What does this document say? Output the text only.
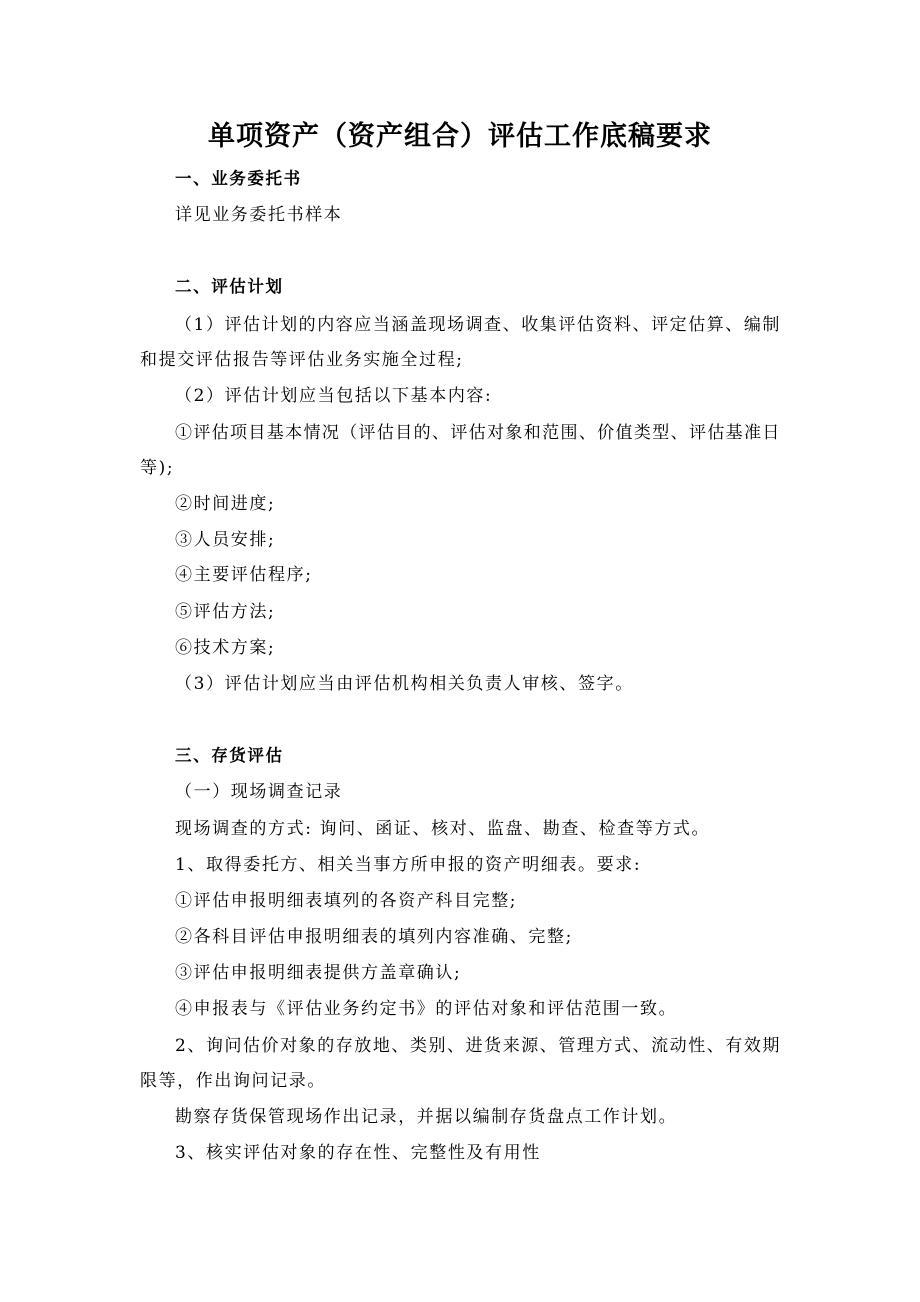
单项资产（资产组合）评估工作底稿要求
一、业务委托书
详见业务委托书样本
二、评估计划
（1）评估计划的内容应当涵盖现场调查、收集评估资料、评定估算、编制
和提交评估报告等评估业务实施全过程;
（2）评估计划应当包括以下基本内容:
①评估项目基本情况（评估目的、评估对象和范围、价值类型、评估基准日
等);
②时间进度;
③人员安排;
④主要评估程序;
⑤评估方法;
⑥技术方案;
（3）评估计划应当由评估机构相关负责人审核、签字。
三、存货评估
（一）现场调查记录
现场调查的方式: 询问、函证、核对、监盘、勘查、检查等方式。
1、取得委托方、相关当事方所申报的资产明细表。要求:
①评估申报明细表填列的各资产科目完整;
②各科目评估申报明细表的填列内容准确、完整;
③评估申报明细表提供方盖章确认;
④申报表与《评估业务约定书》的评估对象和评估范围一致。
2、询问估价对象的存放地、类别、进货来源、管理方式、流动性、有效期
限等，作出询问记录。
勘察存货保管现场作出记录，并据以编制存货盘点工作计划。
3、核实评估对象的存在性、完整性及有用性
